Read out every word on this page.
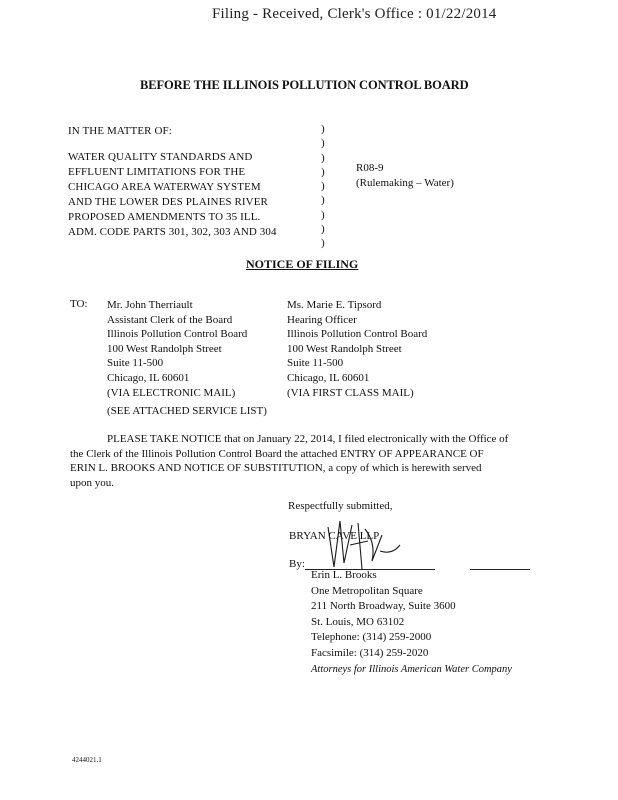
Filing - Received, Clerk's Office : 01/22/2014
BEFORE THE ILLINOIS POLLUTION CONTROL BOARD
IN THE MATTER OF:
WATER QUALITY STANDARDS AND
EFFLUENT LIMITATIONS FOR THE
CHICAGO AREA WATERWAY SYSTEM
AND THE LOWER DES PLAINES RIVER
PROPOSED AMENDMENTS TO 35 ILL.
ADM. CODE PARTS 301, 302, 303 AND 304
)
)
)
)
)
)
)
)
)
R08-9
(Rulemaking – Water)
NOTICE OF FILING
TO: Mr. John Therriault
Assistant Clerk of the Board
Illinois Pollution Control Board
100 West Randolph Street
Suite 11-500
Chicago, IL 60601
(VIA ELECTRONIC MAIL)
Ms. Marie E. Tipsord
Hearing Officer
Illinois Pollution Control Board
100 West Randolph Street
Suite 11-500
Chicago, IL 60601
(VIA FIRST CLASS MAIL)
(SEE ATTACHED SERVICE LIST)
PLEASE TAKE NOTICE that on January 22, 2014, I filed electronically with the Office of
the Clerk of the Illinois Pollution Control Board the attached ENTRY OF APPEARANCE OF
ERIN L. BROOKS AND NOTICE OF SUBSTITUTION, a copy of which is herewith served
upon you.
Respectfully submitted,
BRYAN CAVE LLP
By:
Erin L. Brooks
One Metropolitan Square
211 North Broadway, Suite 3600
St. Louis, MO 63102
Telephone: (314) 259-2000
Facsimile: (314) 259-2020
Attorneys for Illinois American Water Company
4244021.1
